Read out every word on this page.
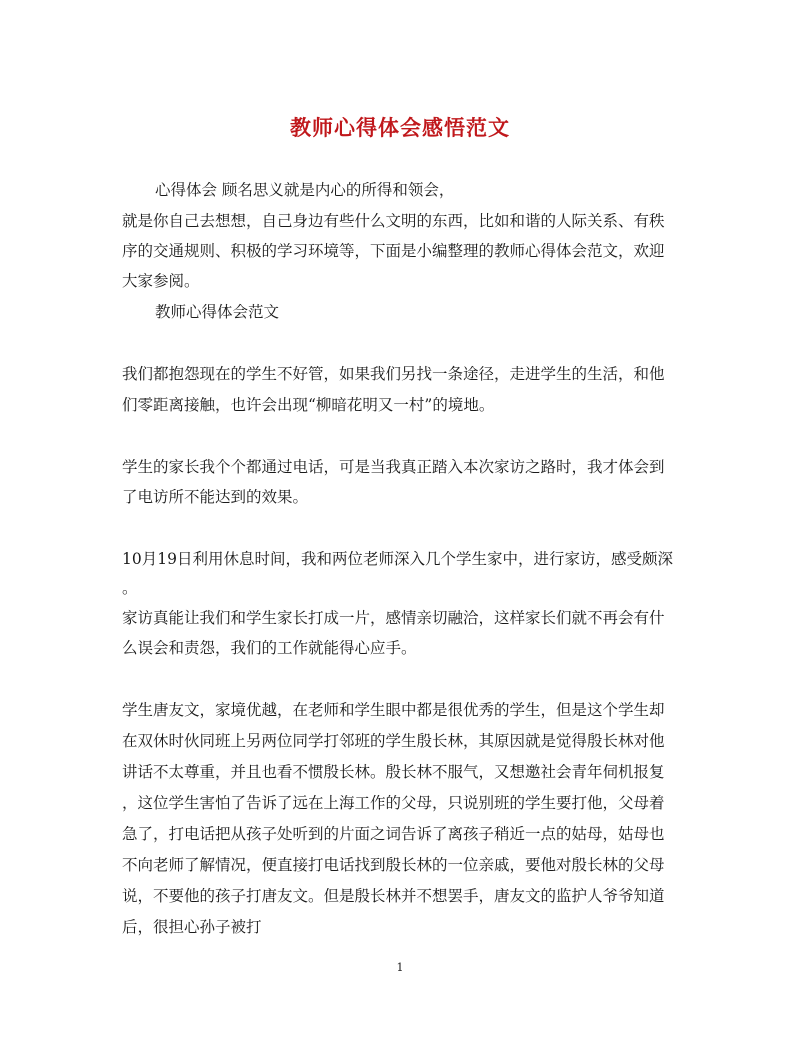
教师心得体会感悟范文
心得体会 顾名思义就是内心的所得和领会，
就是你自己去想想，自己身边有些什么文明的东西，比如和谐的人际关系、有秩
序的交通规则、积极的学习环境等，下面是小编整理的教师心得体会范文，欢迎
大家参阅。
教师心得体会范文
我们都抱怨现在的学生不好管，如果我们另找一条途径，走进学生的生活，和他
们零距离接触，也许会出现“柳暗花明又一村”的境地。
学生的家长我个个都通过电话，可是当我真正踏入本次家访之路时，我才体会到
了电访所不能达到的效果。
10月19日利用休息时间，我和两位老师深入几个学生家中，进行家访，感受颇深
。
家访真能让我们和学生家长打成一片，感情亲切融洽，这样家长们就不再会有什
么误会和责怨，我们的工作就能得心应手。
学生唐友文，家境优越，在老师和学生眼中都是很优秀的学生，但是这个学生却
在双休时伙同班上另两位同学打邻班的学生殷长林，其原因就是觉得殷长林对他
讲话不太尊重，并且也看不惯殷长林。殷长林不服气，又想邀社会青年伺机报复
，这位学生害怕了告诉了远在上海工作的父母，只说别班的学生要打他，父母着
急了，打电话把从孩子处听到的片面之词告诉了离孩子稍近一点的姑母，姑母也
不向老师了解情况，便直接打电话找到殷长林的一位亲戚，要他对殷长林的父母
说，不要他的孩子打唐友文。但是殷长林并不想罢手，唐友文的监护人爷爷知道
后，很担心孙子被打
1
